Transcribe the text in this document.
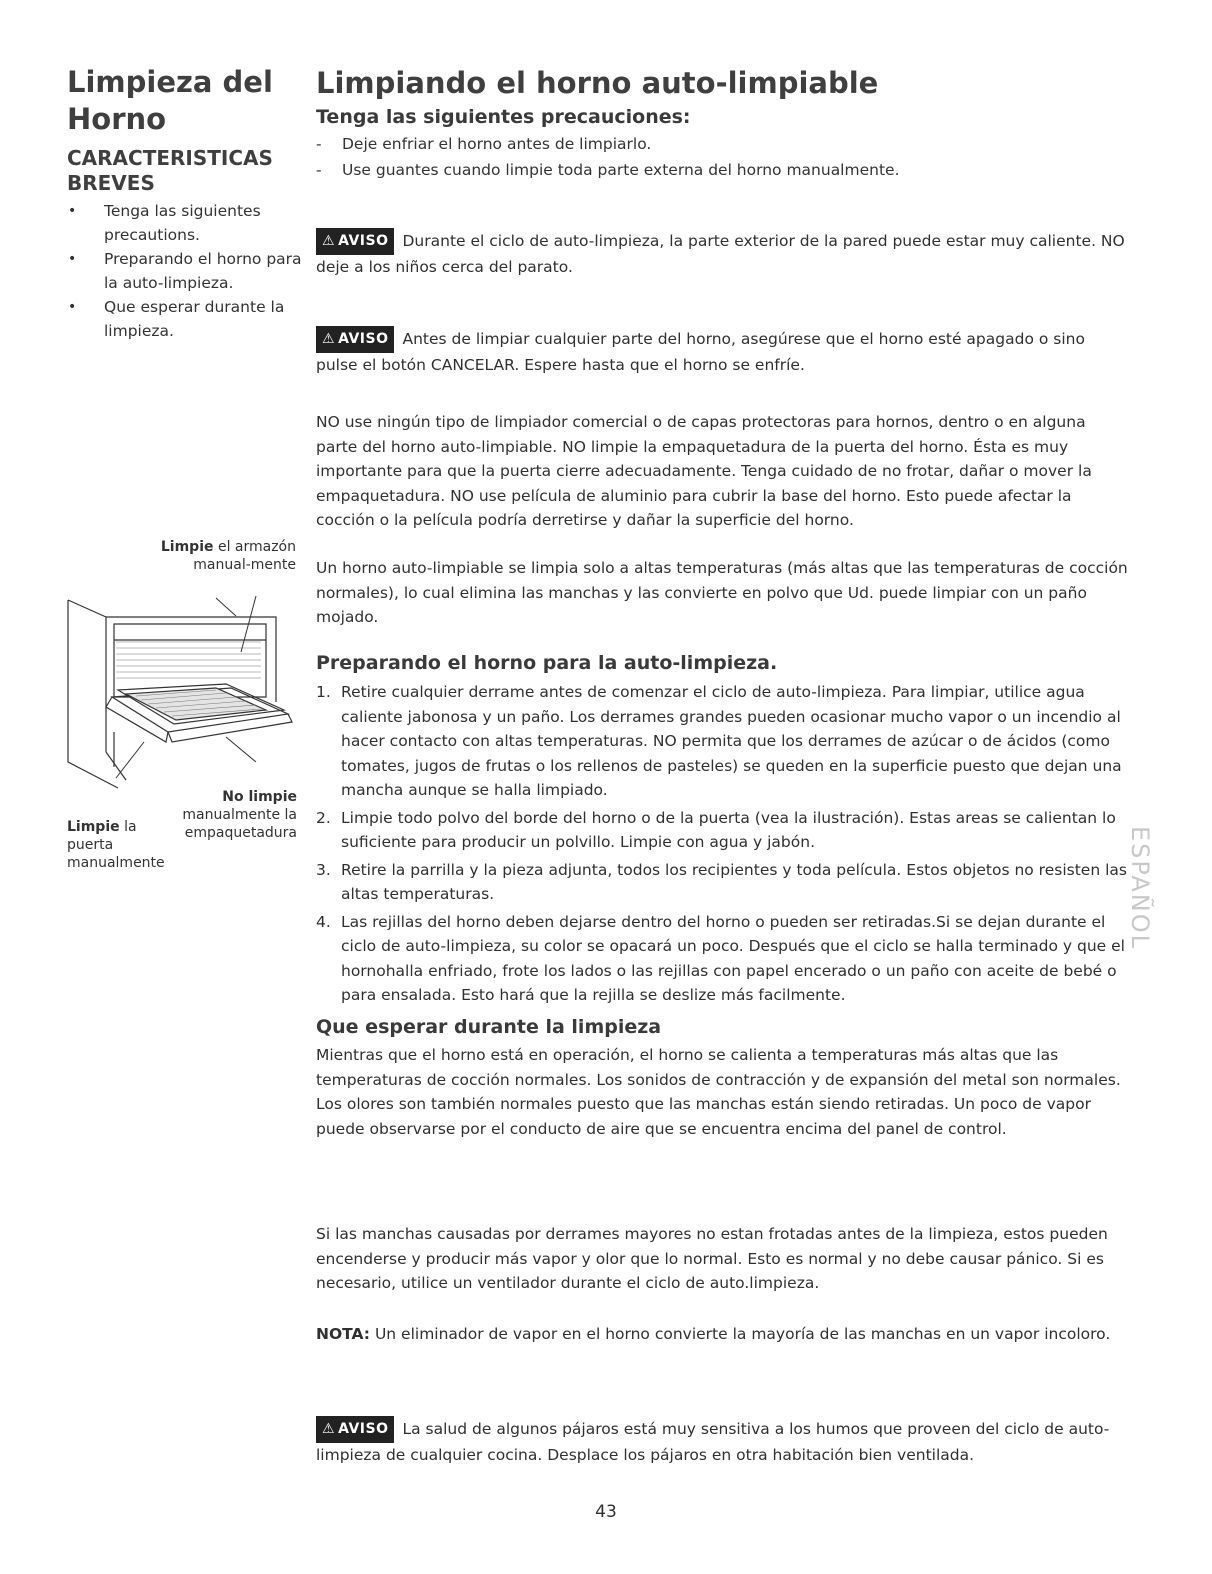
Limpieza del Horno
CARACTERISTICAS BREVES
• Tenga las siguientes precautions.
• Preparando el horno para la auto-limpieza.
• Que esperar durante la limpieza.
Limpie el armazón manual-mente
No limpie
manualmente la empaquetadura
Limpie la puerta manualmente
Limpiando el horno auto-limpiable
Tenga las siguientes precauciones:
- Deje enfriar el horno antes de limpiarlo.
- Use guantes cuando limpie toda parte externa del horno manualmente.
⚠ AVISO Durante el ciclo de auto-limpieza, la parte exterior de la pared puede estar muy caliente. NO deje a los niños cerca del parato.
⚠ AVISO Antes de limpiar cualquier parte del horno, asegúrese que el horno esté apagado o sino pulse el botón CANCELAR. Espere hasta que el horno se enfríe.
NO use ningún tipo de limpiador comercial o de capas protectoras para hornos, dentro o en alguna parte del horno auto-limpiable. NO limpie la empaquetadura de la puerta del horno. Ésta es muy importante para que la puerta cierre adecuadamente. Tenga cuidado de no frotar, dañar o mover la empaquetadura. NO use película de aluminio para cubrir la base del horno. Esto puede afectar la cocción o la película podría derretirse y dañar la superficie del horno.
Un horno auto-limpiable se limpia solo a altas temperaturas (más altas que las temperaturas de cocción normales), lo cual elimina las manchas y las convierte en polvo que Ud. puede limpiar con un paño mojado.
Preparando el horno para la auto-limpieza.
1. Retire cualquier derrame antes de comenzar el ciclo de auto-limpieza. Para limpiar, utilice agua caliente jabonosa y un paño. Los derrames grandes pueden ocasionar mucho vapor o un incendio al hacer contacto con altas temperaturas. NO permita que los derrames de azúcar o de ácidos (como tomates, jugos de frutas o los rellenos de pasteles) se queden en la superficie puesto que dejan una mancha aunque se halla limpiado.
2. Limpie todo polvo del borde del horno o de la puerta (vea la ilustración). Estas areas se calientan lo suficiente para producir un polvillo. Limpie con agua y jabón.
3. Retire la parrilla y la pieza adjunta, todos los recipientes y toda película. Estos objetos no resisten las altas temperaturas.
4. Las rejillas del horno deben dejarse dentro del horno o pueden ser retiradas.Si se dejan durante el ciclo de auto-limpieza, su color se opacará un poco. Después que el ciclo se halla terminado y que el hornohalla enfriado, frote los lados o las rejillas con papel encerado o un paño con aceite de bebé o para ensalada. Esto hará que la rejilla se deslize más facilmente.
Que esperar durante la limpieza
Mientras que el horno está en operación, el horno se calienta a temperaturas más altas que las temperaturas de cocción normales. Los sonidos de contracción y de expansión del metal son normales. Los olores son también normales puesto que las manchas están siendo retiradas. Un poco de vapor puede observarse por el conducto de aire que se encuentra encima del panel de control.
Si las manchas causadas por derrames mayores no estan frotadas antes de la limpieza, estos pueden encenderse y producir más vapor y olor que lo normal. Esto es normal y no debe causar pánico. Si es necesario, utilice un ventilador durante el ciclo de auto.limpieza.
NOTA: Un eliminador de vapor en el horno convierte la mayoría de las manchas en un vapor incoloro.
⚠ AVISO La salud de algunos pájaros está muy sensitiva a los humos que proveen del ciclo de auto- limpieza de cualquier cocina. Desplace los pájaros en otra habitación bien ventilada.
ESPAÑOL
43
